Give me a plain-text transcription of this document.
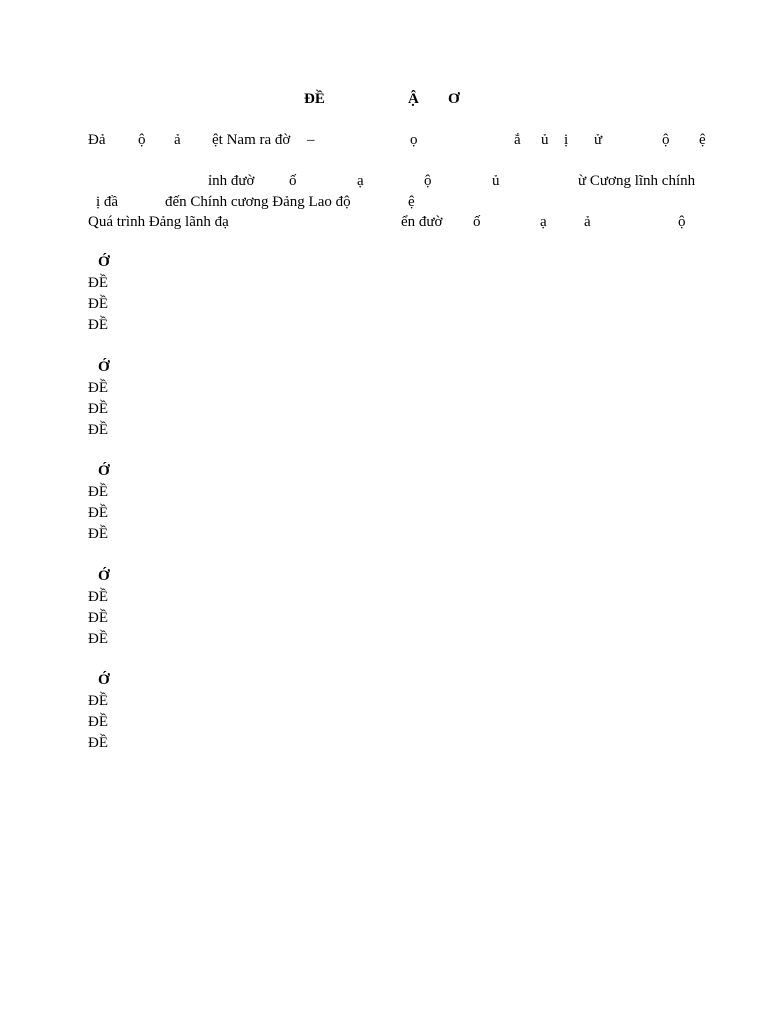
ĐỀ	Ậ Ơ
Đả ộ ả ệt Nam ra đờ –	ọ	ắ ủ ị ử	ộ ệ
ỉnh đườ ố	ạ	ộ	ủ	ừ Cương lĩnh chính
ị đầ	đến Chính cương Đảng Lao độ	ệ
Quá trình Đảng lãnh đạ	ển đườ ố	ạ ả	ộ
Ớ
ĐỀ
ĐỀ
ĐỀ
Ớ
ĐỀ
ĐỀ
ĐỀ
Ớ
ĐỀ
ĐỀ
ĐỀ
Ớ
ĐỀ
ĐỀ
ĐỀ
Ớ
ĐỀ
ĐỀ
ĐỀ
